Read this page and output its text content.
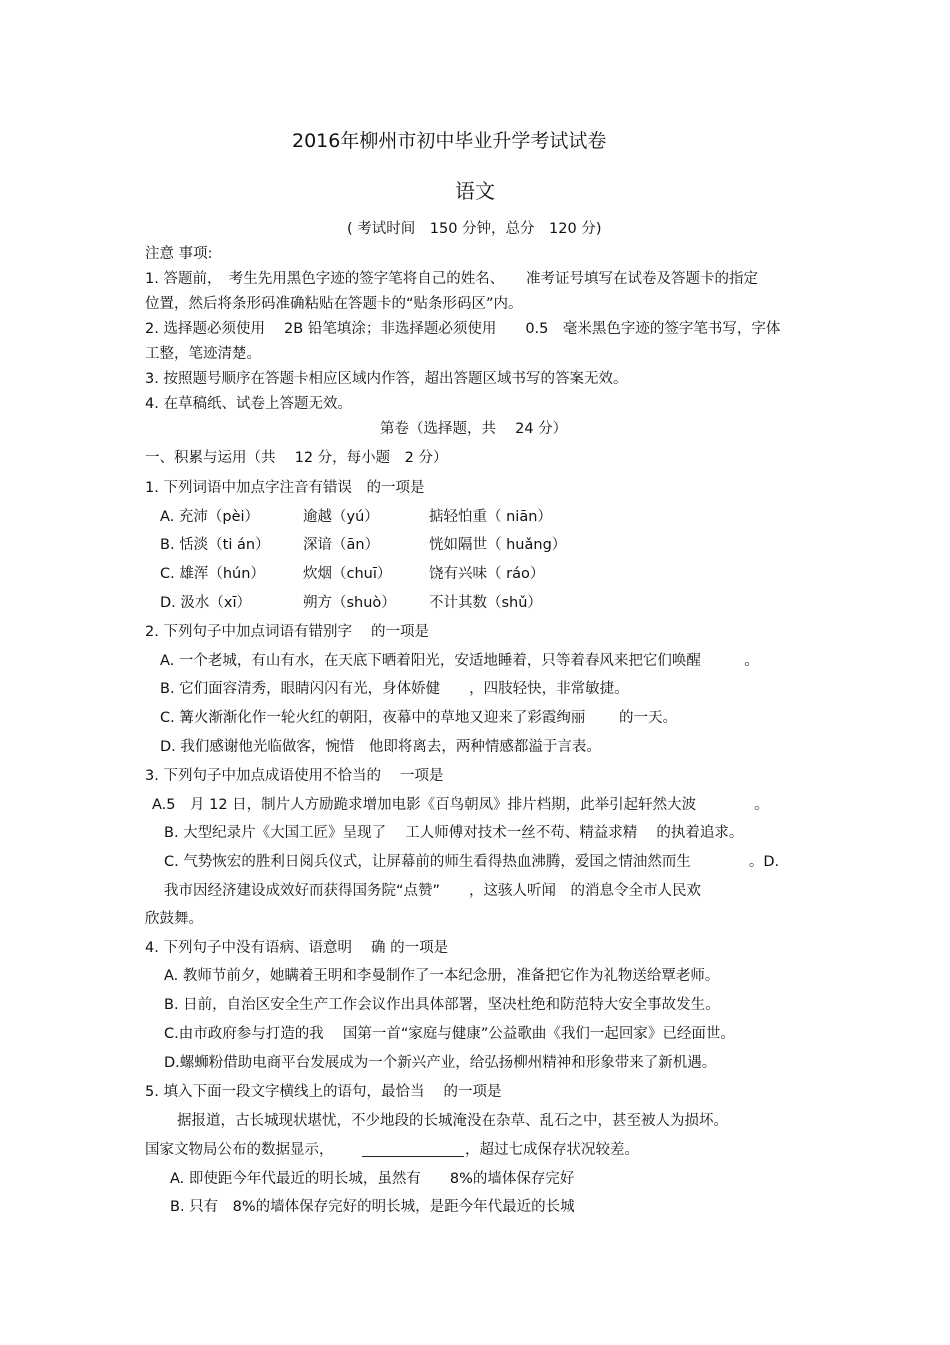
2016年柳州市初中毕业升学考试试卷
语文
( 考试时间　150 分钟，总分　120 分)
注意 事项:
1. 答题前，　考生先用黑色字迹的签字笔将自己的姓名、　　准考证号填写在试卷及答题卡的指定
位置，然后将条形码准确粘贴在答题卡的“贴条形码区”内。
2. 选择题必须使用　 2B 铅笔填涂；非选择题必须使用　　0.5　毫米黑色字迹的签字笔书写，字体
工整，笔迹清楚。
3. 按照题号顺序在答题卡相应区域内作答，超出答题区域书写的答案无效。
4. 在草稿纸、试卷上答题无效。
第卷（选择题，共　 24 分）
一、积累与运用（共　 12 分，每小题　2 分）
1. 下列词语中加点字注音有错误　的一项是
A. 充沛（pèi）	逾越（yú）	掂轻怕重（ niān）
B. 恬淡（ti án） 深谙（ān）	恍如隔世（ huǎng）
C. 雄浑（hún）	炊烟（chuī）	饶有兴味（ ráo）
D. 汲水（xī）	朔方（shuò） 不计其数（shǔ）
2. 下列句子中加点词语有错别字　 的一项是
A. 一个老城，有山有水，在天底下晒着阳光，安适地睡着，只等着春风来把它们唤醒　　　。
B. 它们面容清秀，眼睛闪闪有光，身体娇健　　，四肢轻快，非常敏捷。
C. 篝火渐渐化作一轮火红的朝阳，夜幕中的草地又迎来了彩霞绚丽　　 的一天。
D. 我们感谢他光临做客，惋惜　他即将离去，两种情感都溢于言表。
3. 下列句子中加点成语使用不恰当的　 一项是
A.5　月 12 日，制片人方励跪求增加电影《百鸟朝凤》排片档期，此举引起轩然大波　　　　。
B. 大型纪录片《大国工匠》呈现了　 工人师傅对技术一丝不苟、精益求精　 的执着追求。
C. 气势恢宏的胜利日阅兵仪式，让屏幕前的师生看得热血沸腾，爱国之情油然而生　　　　。D.
我市因经济建设成效好而获得国务院“点赞”　　，这骇人听闻　的消息令全市人民欢
欣鼓舞。
4. 下列句子中没有语病、语意明　 确 的一项是
A. 教师节前夕，她瞒着王明和李曼制作了一本纪念册，准备把它作为礼物送给覃老师。
B. 日前，自治区安全生产工作会议作出具体部署，坚决杜绝和防范特大安全事故发生。
C.由市政府参与打造的我　 国第一首“家庭与健康”公益歌曲《我们一起回家》已经面世。
D.螺蛳粉借助电商平台发展成为一个新兴产业，给弘扬柳州精神和形象带来了新机遇。
5. 填入下面一段文字横线上的语句，最恰当　 的一项是
据报道，古长城现状堪忧，不少地段的长城淹没在杂草、乱石之中，甚至被人为损坏。
国家文物局公布的数据显示，	，超过七成保存状况较差。
A. 即使距今年代最近的明长城，虽然有　　8%的墙体保存完好
B. 只有　8%的墙体保存完好的明长城，是距今年代最近的长城
